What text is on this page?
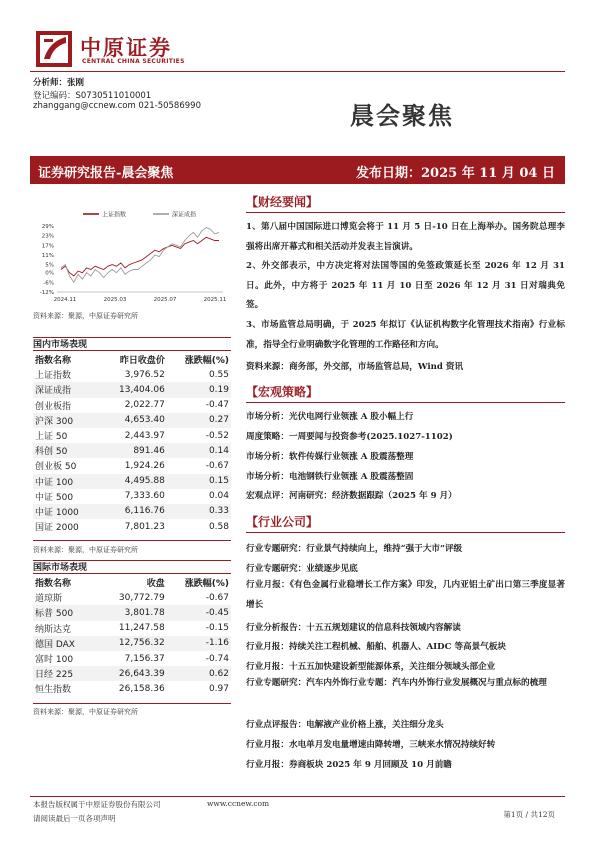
中原证券
CENTRAL CHINA SECURITIES
分析师：张刚
登记编码：S0730511010001
zhanggang@ccnew.com 021-50586990	晨会聚焦
证券研究报告-晨会聚焦	发布日期：2025 年 11 月 04 日
29%
23%
17%
11%
5%
0%
-6%
-12%
2024.11	2025.03	2025.07	2025.11
上证指数	深证成指
资料来源：聚源，中原证券研究所
国内市场表现
指数名称	昨日收盘价	涨跌幅(%)
上证指数	3,976.52	0.55
深证成指	13,404.06	0.19
创业板指	2,022.77	-0.47
沪深 300	4,653.40	0.27
上证 50	2,443.97	-0.52
科创 50	891.46	0.14
创业板 50	1,924.26	-0.67
中证 100	4,495.88	0.15
中证 500	7,333.60	0.04
中证 1000	6,116.76	0.33
国证 2000	7,801.23	0.58
资料来源：聚源，中原证券研究所
国际市场表现
指数名称	收盘	涨跌幅(%)
道琼斯	30,772.79	-0.67
标普 500	3,801.78	-0.45
纳斯达克	11,247.58	-0.15
德国 DAX	12,756.32	-1.16
富时 100	7,156.37	-0.74
日经 225	26,643.39	0.62
恒生指数	26,158.36	0.97
资料来源：聚源，中原证券研究所
【财经要闻】
1、第八届中国国际进口博览会将于 11 月 5 日-10 日在上海举办。国务院总理李强将出席开幕式和相关活动并发表主旨演讲。
2、外交部表示，中方决定将对法国等国的免签政策延长至 2026 年 12 月 31 日。此外，中方将于 2025 年 11 月 10 日至 2026 年 12 月 31 日对瑞典免签。
3、市场监管总局明确，于 2025 年拟订《认证机构数字化管理技术指南》行业标准，指导全行业明确数字化管理的工作路径和方向。
资料来源：商务部，外交部，市场监管总局，Wind 资讯
【宏观策略】
市场分析：光伏电网行业领涨 A 股小幅上行
周度策略：一周要闻与投资参考(2025.1027-1102)
市场分析：软件传媒行业领涨 A 股震荡整理
市场分析：电池钢铁行业领涨 A 股震荡整固
宏观点评：河南研究：经济数据跟踪（2025 年 9 月）
【行业公司】
行业专题研究：行业景气持续向上，维持“强于大市”评级
行业专题研究：业绩逐步见底
行业月报：《有色金属行业稳增长工作方案》印发，几内亚铝土矿出口第三季度显著增长
行业分析报告：十五五规划建议的信息科技领域内容解读
行业月报：持续关注工程机械、船舶、机器人、AIDC 等高景气板块
行业月报：十五五加快建设新型能源体系，关注细分领域头部企业
行业专题研究：汽车内外饰行业专题：汽车内外饰行业发展概况与重点标的梳理
行业点评报告：电解液产业价格上涨，关注细分龙头
行业月报：水电单月发电量增速由降转增，三峡来水情况持续好转
行业月报：券商板块 2025 年 9 月回顾及 10 月前瞻
本报告版权属于中原证券股份有限公司	www.ccnew.com
请阅读最后一页各项声明	第1页 / 共12页
